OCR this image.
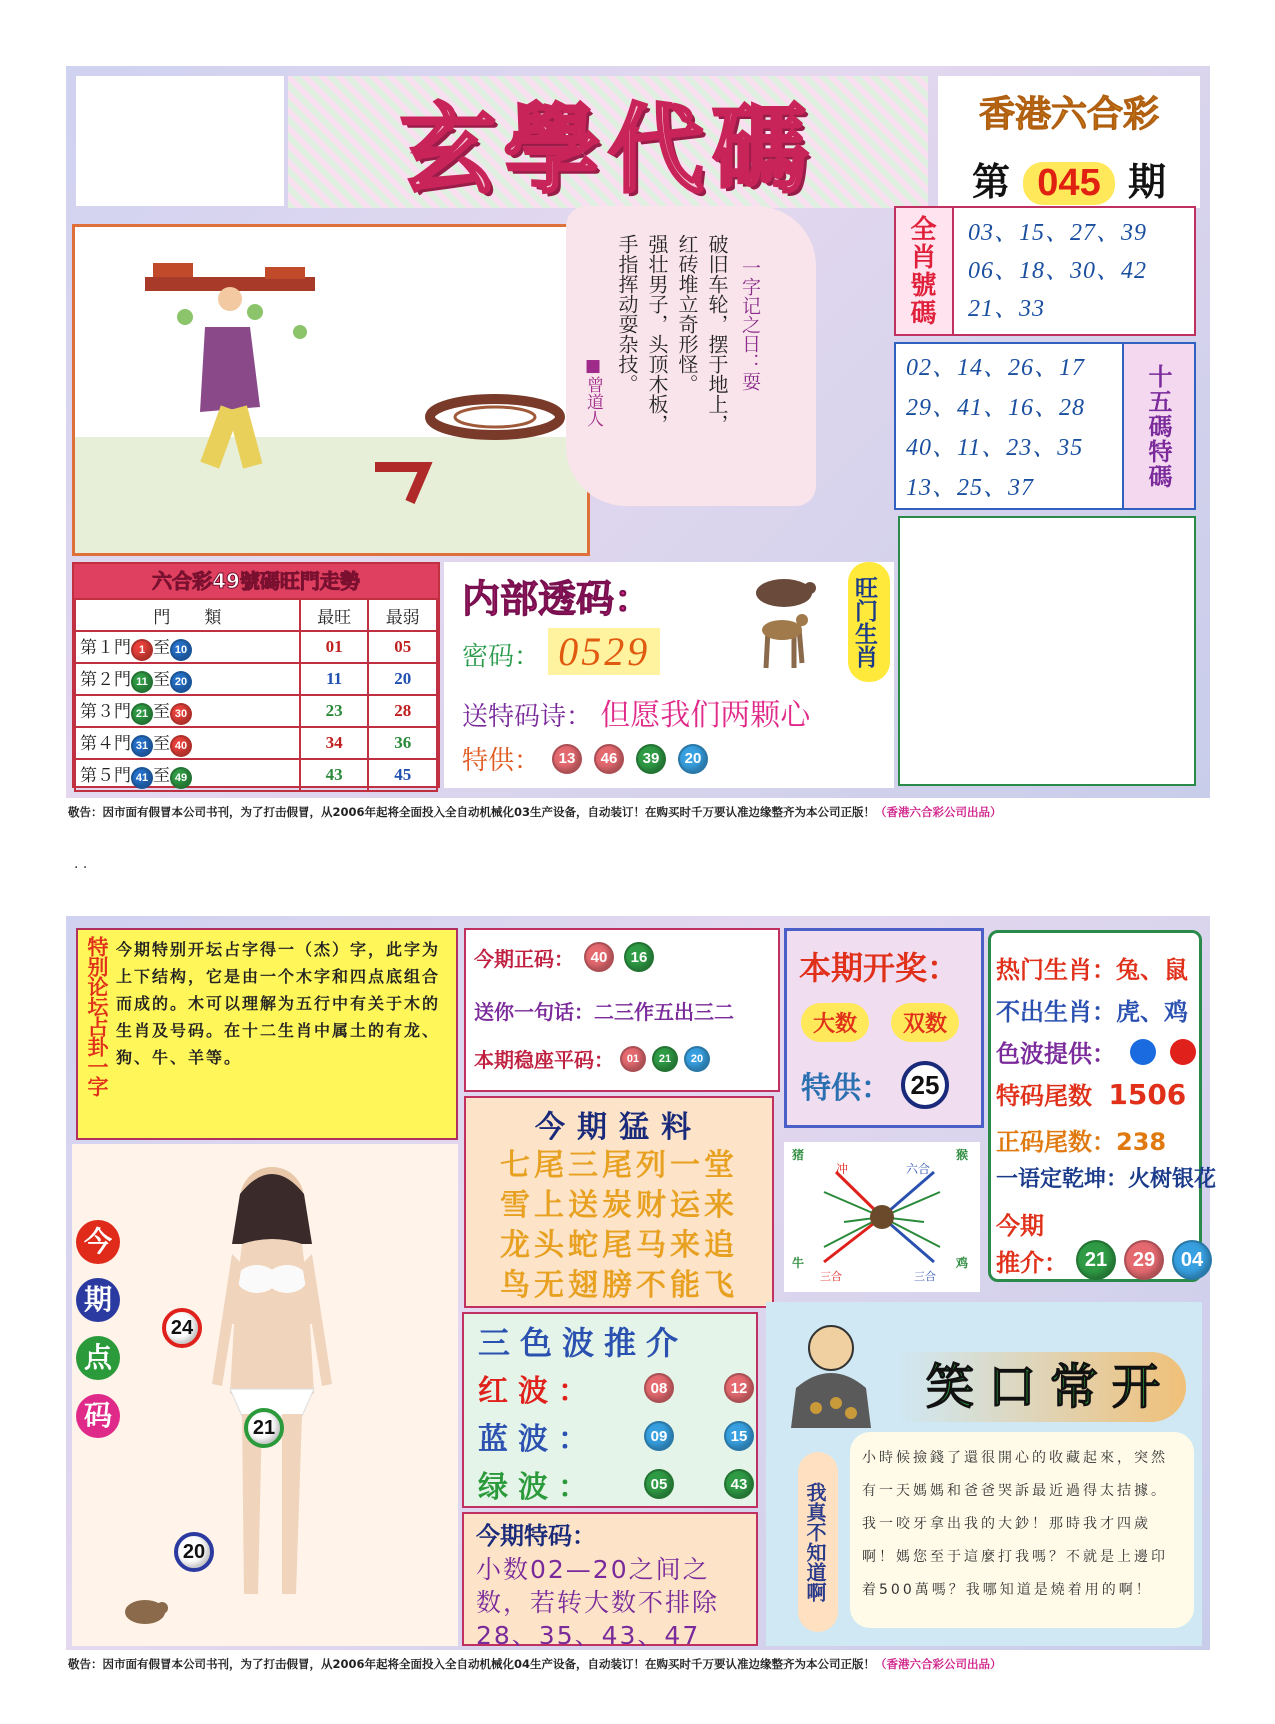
玄學代碼	香港六合彩
第 045 期
一字记之日：耍
破旧车轮，摆于地上，
红砖堆立奇形怪。
强壮男子，头顶木板，
手指挥动耍杂技。
■曾道人
全肖號碼	03、15、27、39
06、18、30、42
21、33
02、14、26、17
29、41、16、28
40、11、23、35
13、25、37	十五碼特碼
六合彩49號碼旺門走勢
門　　類	最旺	最弱
第１門 1 至 10	01	05
第２門 11 至 20	11	20
第３門 21 至 30	23	28
第４門 31 至 40	34	36
第５門 41 至 49	43	45
内部透码：
密码： 0529
送特码诗： 但愿我们两颗心
特供：	13	46	39	20
旺门生肖
敬告：因市面有假冒本公司书刊，为了打击假冒，从2006年起将全面投入全自动机械化03生产设备，自动装订！在购买时千万要认准边缘整齐为本公司正版！（香港六合彩公司出品）
. .
特别论坛占卦一字 今期特别开坛占字得一（杰）字，此字为上下结构，它是由一个木字和四点底组合而成的。木可以理解为五行中有关于木的生肖及号码。在十二生肖中属土的有龙、狗、牛、羊等。
今期正码：	40	16
送你一句话：二三作五出三二
本期稳座平码：	01	21	20
本期开奖：
大数	双数
特供： 25
热门生肖：兔、鼠
不出生肖：虎、鸡
色波提供：
特码尾数 1506
正码尾数：238
一语定乾坤：火树银花
今期
推介： 21	29	04
今期猛料
七尾三尾列一堂
雪上送炭财运来
龙头蛇尾马来追
鸟无翅膀不能飞
猪
冲	六合
猴
牛
三合	三合
鸡
今
期
点
码
24
21
20
三色波推介
红波：	08	12
蓝波：	09	15
绿波：	05	43
今期特码：
小数02—20之间之数，若转大数不排除28、35、43、47
笑口常开
我真不知道啊
小時候撿錢了還很開心的收藏起來，突然有一天媽媽和爸爸哭訴最近過得太拮據。我一咬牙拿出我的大鈔！那時我才四歲啊！媽您至于這麼打我嗎？不就是上邊印着500萬嗎？我哪知道是燒着用的啊！
敬告：因市面有假冒本公司书刊，为了打击假冒，从2006年起将全面投入全自动机械化04生产设备，自动装订！在购买时千万要认准边缘整齐为本公司正版！（香港六合彩公司出品）
